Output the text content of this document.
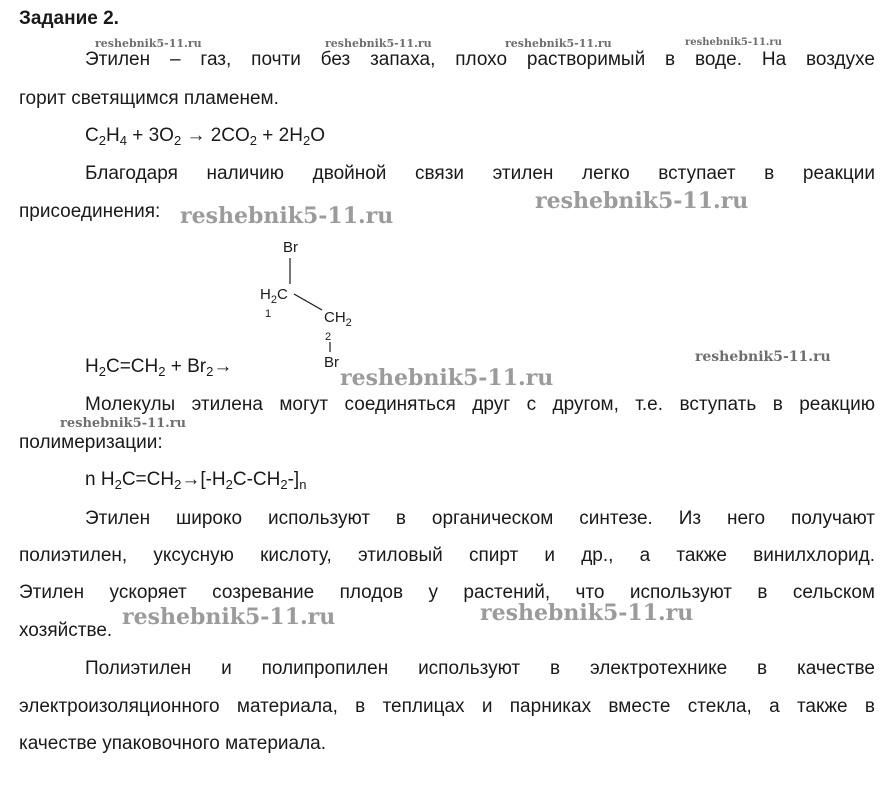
Задание 2.
Этилен – газ, почти без запаха, плохо растворимый в воде. На воздухе
горит светящимся пламенем.
$C_2H_4 + 3O_2 \to 2CO_2 + 2H_2O$
Благодаря наличию двойной связи этилен легко вступает в реакции
присоединения:
Br
$H_2C$
1	$CH_2$
2
Br
$H_2C=CH_2 + Br_2\to$
Молекулы этилена могут соединяться друг с другом, т.е. вступать в реакцию
полимеризации:
n $H_2C=CH_2\to[-H_2C-CH_2-]_n$
Этилен широко используют в органическом синтезе. Из него получают
полиэтилен, уксусную кислоту, этиловый спирт и др., а также винилхлорид.
Этилен ускоряет созревание плодов у растений, что используют в сельском
хозяйстве.
Полиэтилен и полипропилен используют в электротехнике в качестве
электроизоляционного материала, в теплицах и парниках вместе стекла, а также в
качестве упаковочного материала.
reshebnik5-11.ru	reshebnik5-11.ru	reshebnik5-11.ru	reshebnik5-11.ru
reshebnik5-11.ru
reshebnik5-11.ru
reshebnik5-11.ru
reshebnik5-11.ru
reshebnik5-11.ru
reshebnik5-11.ru	reshebnik5-11.ru
